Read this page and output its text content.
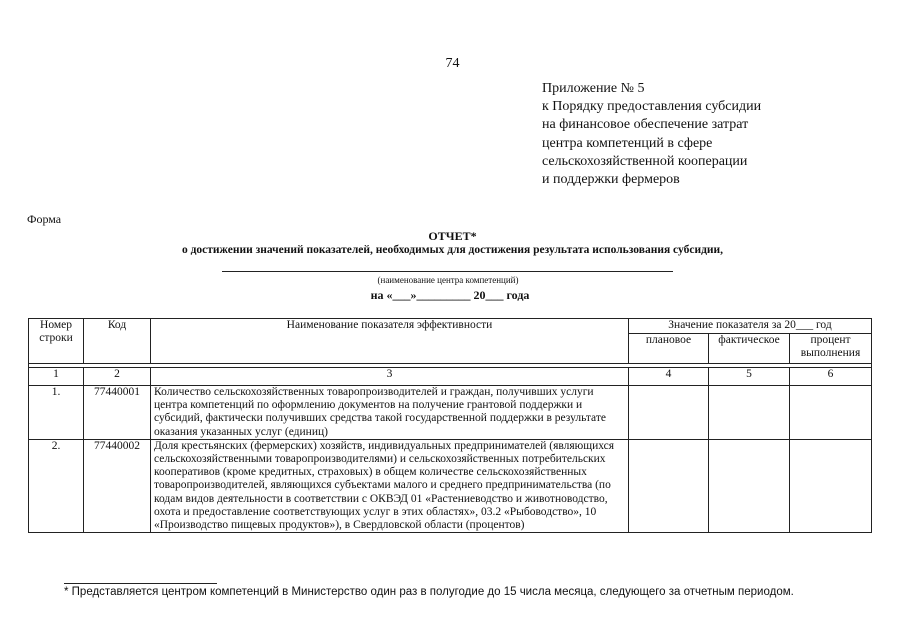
74
Приложение № 5
к Порядку предоставления субсидии
на финансовое обеспечение затрат
центра компетенций в сфере
сельскохозяйственной кооперации
и поддержки фермеров
Форма
ОТЧЕТ*
о достижении значений показателей, необходимых для достижения результата использования субсидии,
(наименование центра компетенций)
на «___»_________ 20___ года
Номер строки	Код	Наименование показателя эффективности	Значение показателя за 20___ год		
			плановое	фактическое	процент выполнения

1	2	3	4	5	6
1.	77440001	Количество сельскохозяйственных товаропроизводителей и граждан, получивших услуги центра компетенций по оформлению документов на получение грантовой поддержки и субсидий, фактически получивших средства такой государственной поддержки в результате оказания указанных услуг (единиц)			
2.	77440002	Доля крестьянских (фермерских) хозяйств, индивидуальных предпринимателей (являющихся сельскохозяйственными товаропроизводителями) и сельскохозяйственных потребительских кооперативов (кроме кредитных, страховых) в общем количестве сельскохозяйственных товаропроизводителей, являющихся субъектами малого и среднего предпринимательства (по кодам видов деятельности в соответствии с ОКВЭД 01 «Растениеводство и животноводство, охота и предоставление соответствующих услуг в этих областях», 03.2 «Рыбоводство», 10 «Производство пищевых продуктов»), в Свердловской области (процентов)			
* Представляется центром компетенций в Министерство один раз в полугодие до 15 числа месяца, следующего за отчетным периодом.
